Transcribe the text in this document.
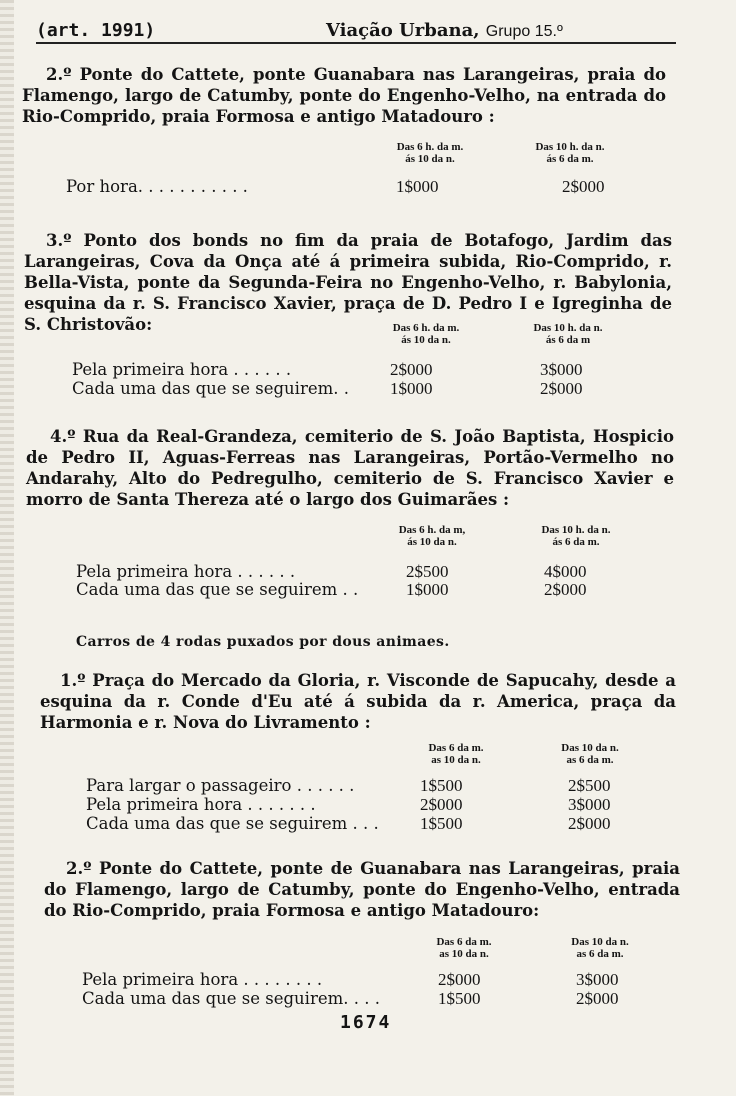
(art. 1991)	Viação Urbana, Grupo 15.º
2.º Ponte do Cattete, ponte Guanabara nas Larangeiras, praia do Flamengo, largo de Catumby, ponte do Engenho-Velho, na entrada do Rio-Comprido, praia Formosa e antigo Matadouro :
Das 6 h. da m.
ás 10 da n.
Das 10 h. da n.
ás 6 da m.
Por hora. . . . . . . . . . .	1$000	2$000
3.º Ponto dos bonds no fim da praia de Botafogo, Jardim das Larangeiras, Cova da Onça até á primeira subida, Rio-Comprido, r. Bella-Vista, ponte da Segunda-Feira no Engenho-Velho, r. Babylonia, esquina da r. S. Francisco Xavier, praça de D. Pedro I e Igreginha de S. Christovão:	Das 6 h. da m.
ás 10 da n.
Das 10 h. da n.
ás 6 da m
Pela primeira hora . . . . . .	2$000	3$000
Cada uma das que se seguirem. . 1$000	2$000
4.º Rua da Real-Grandeza, cemiterio de S. João Baptista, Hospicio de Pedro II, Aguas-Ferreas nas Larangeiras, Portão-Vermelho no Andarahy, Alto do Pedregulho, cemiterio de S. Francisco Xavier e morro de Santa Thereza até o largo dos Guimarães :
Das 6 h. da m,
ás 10 da n.
Das 10 h. da n.
ás 6 da m.
Pela primeira hora . . . . . .	2$500	4$000
Cada uma das que se seguirem . .	1$000	2$000
Carros de 4 rodas puxados por dous animaes.
1.º Praça do Mercado da Gloria, r. Visconde de Sapucahy, desde a esquina da r. Conde d'Eu até á subida da r. America, praça da Harmonia e r. Nova do Livramento :
Das 6 da m.
as 10 da n.
Das 10 da n.
as 6 da m.
Para largar o passageiro . . . . . .	1$500	2$500
Pela primeira hora . . . . . . .	2$000	3$000
Cada uma das que se seguirem . . . 1$500	2$000
2.º Ponte do Cattete, ponte de Guanabara nas Larangeiras, praia do Flamengo, largo de Catumby, ponte do Engenho-Velho, entrada do Rio-Comprido, praia Formosa e antigo Matadouro:
Das 6 da m.
as 10 da n.
Das 10 da n.
as 6 da m.
Pela primeira hora . . . . . . . .	2$000	3$000
Cada uma das que se seguirem. . . .	1$500	2$000
1674
